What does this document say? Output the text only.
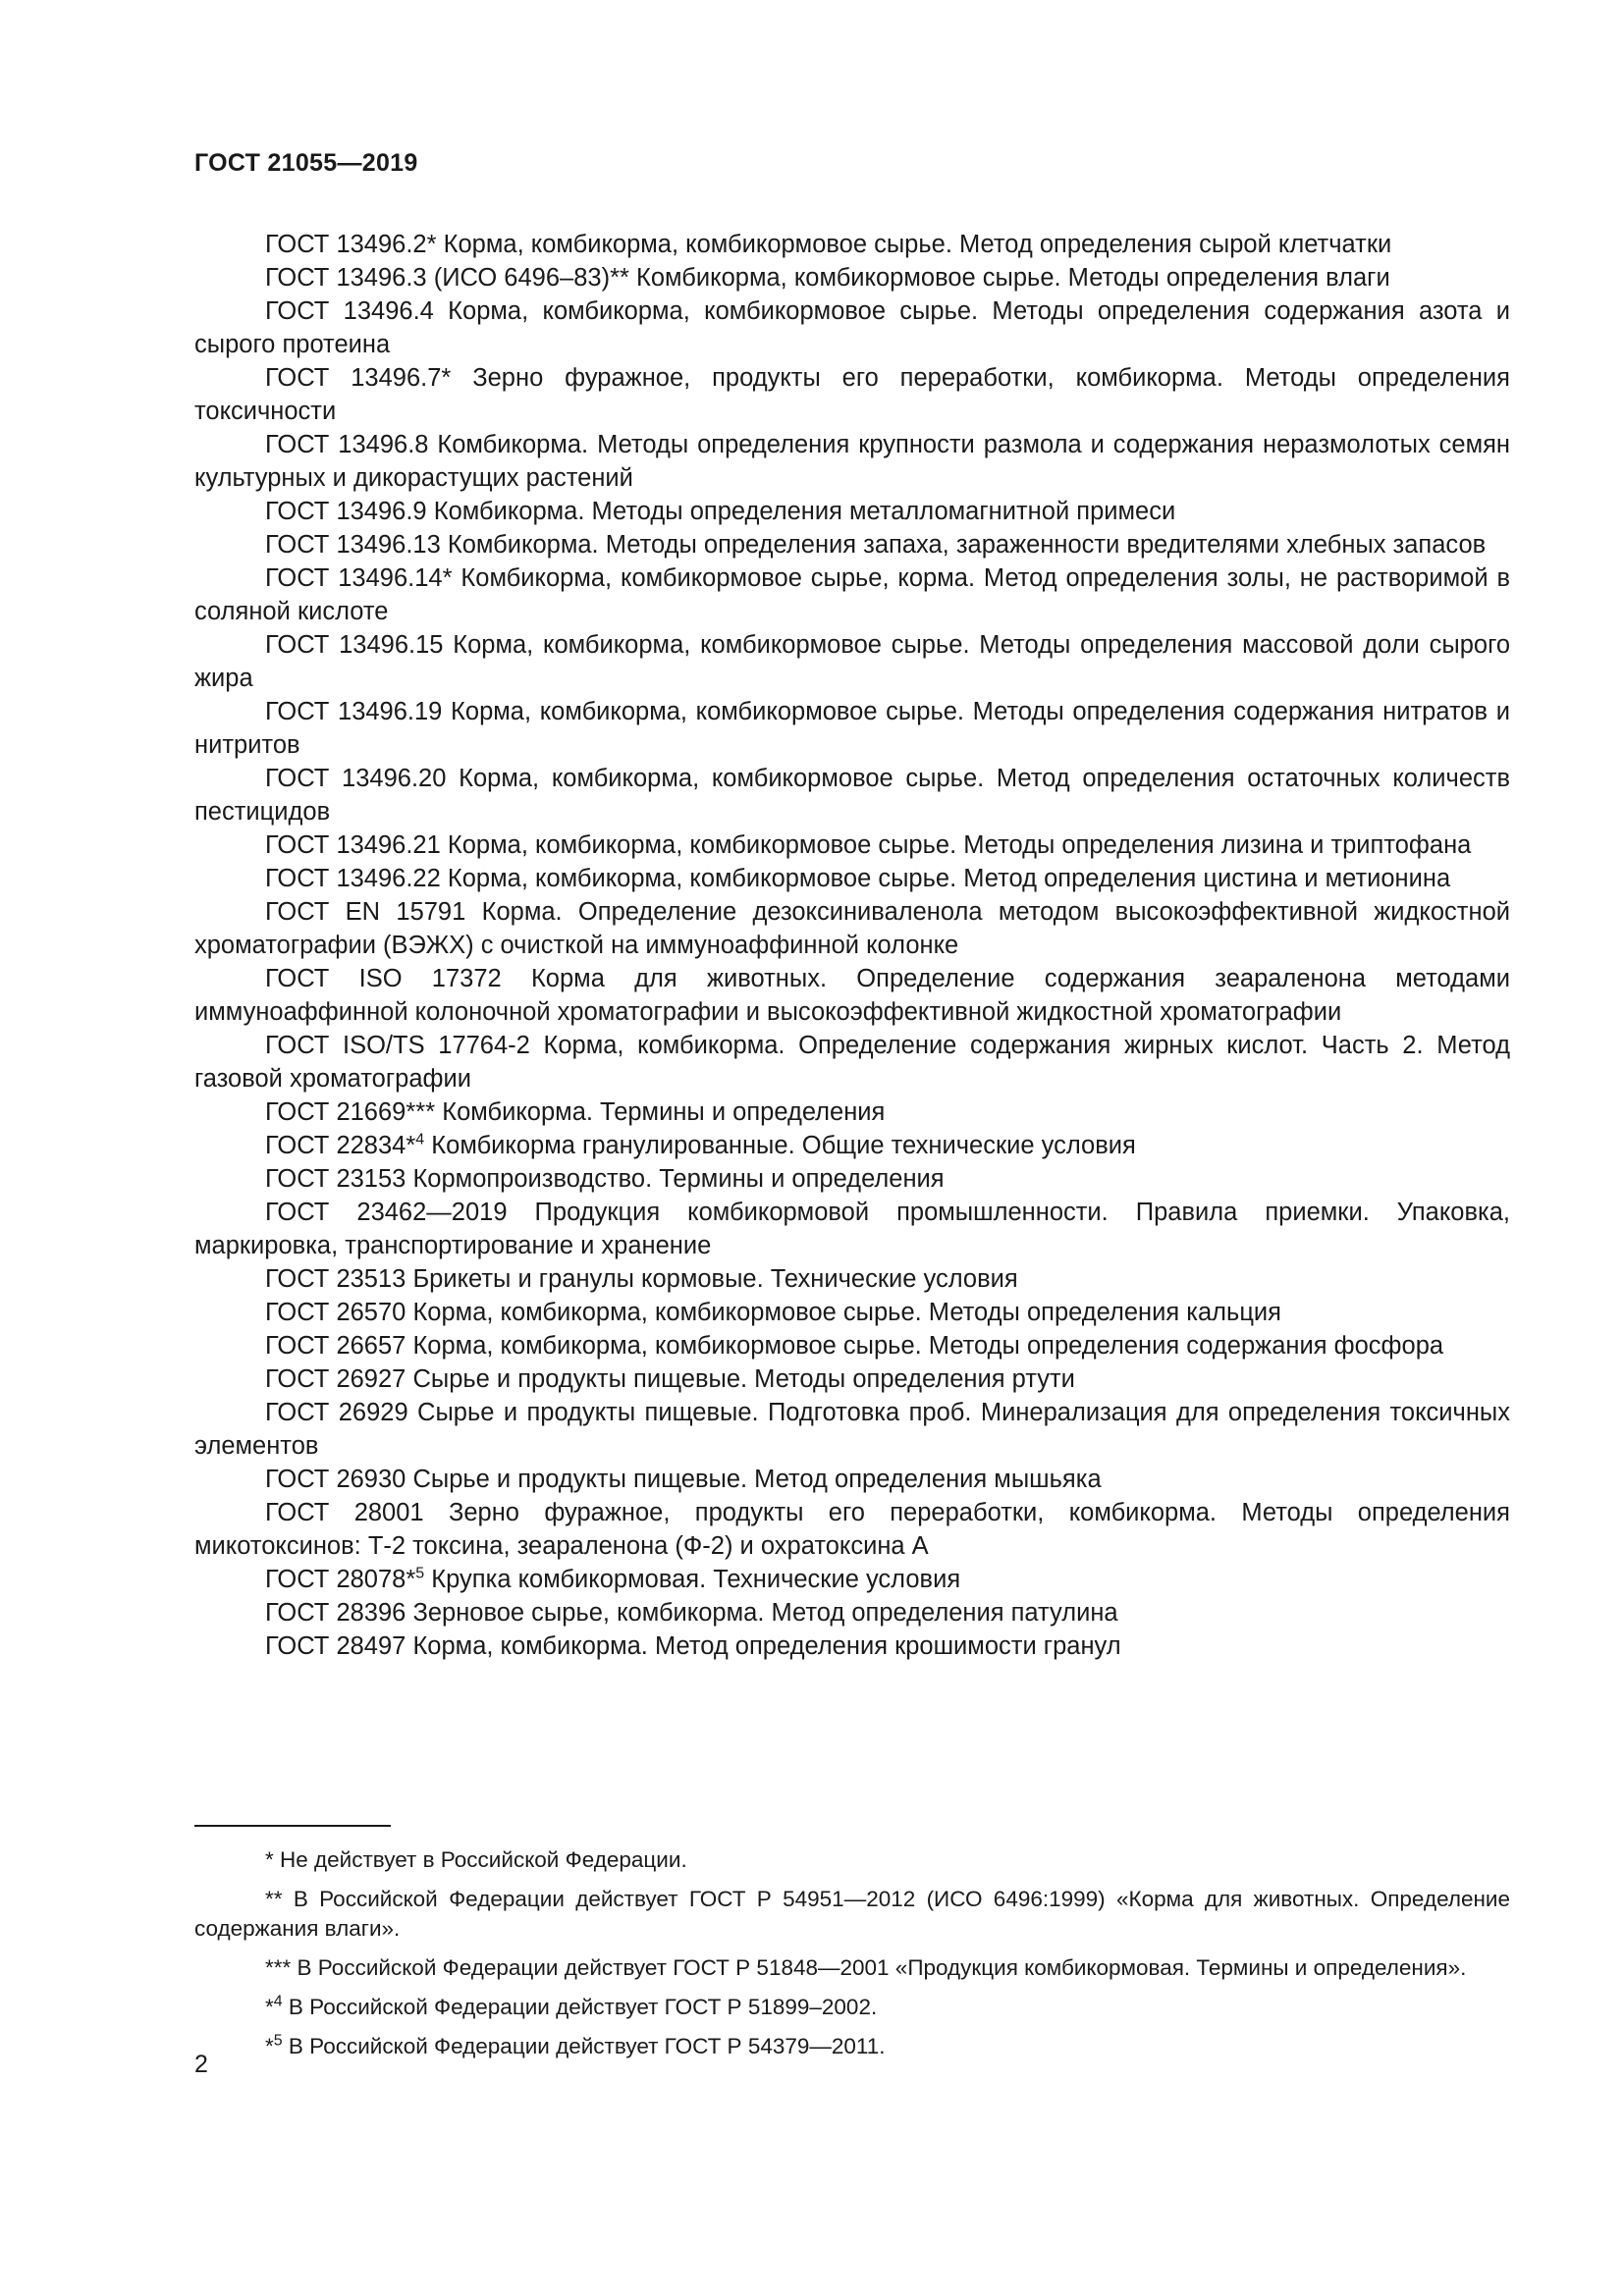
ГОСТ 21055—2019

ГОСТ 13496.2* Корма, комбикорма, комбикормовое сырье. Метод определения сырой клетчатки

ГОСТ 13496.3 (ИСО 6496–83)** Комбикорма, комбикормовое сырье. Методы определения влаги

ГОСТ 13496.4 Корма, комбикорма, комбикормовое сырье. Методы определения содержания азота и сырого протеина

ГОСТ 13496.7* Зерно фуражное, продукты его переработки, комбикорма. Методы определения токсичности

ГОСТ 13496.8 Комбикорма. Методы определения крупности размола и содержания неразмолотых семян культурных и дикорастущих растений

ГОСТ 13496.9 Комбикорма. Методы определения металломагнитной примеси

ГОСТ 13496.13 Комбикорма. Методы определения запаха, зараженности вредителями хлебных запасов

ГОСТ 13496.14* Комбикорма, комбикормовое сырье, корма. Метод определения золы, не растворимой в соляной кислоте

ГОСТ 13496.15 Корма, комбикорма, комбикормовое сырье. Методы определения массовой доли сырого жира

ГОСТ 13496.19 Корма, комбикорма, комбикормовое сырье. Методы определения содержания нитратов и нитритов

ГОСТ 13496.20 Корма, комбикорма, комбикормовое сырье. Метод определения остаточных количеств пестицидов

ГОСТ 13496.21 Корма, комбикорма, комбикормовое сырье. Методы определения лизина и триптофана

ГОСТ 13496.22 Корма, комбикорма, комбикормовое сырье. Метод определения цистина и метионина

ГОСТ EN 15791 Корма. Определение дезоксиниваленола методом высокоэффективной жидкостной хроматографии (ВЭЖХ) с очисткой на иммуноаффинной колонке

ГОСТ ISO 17372 Корма для животных. Определение содержания зеараленона методами иммуноаффинной колоночной хроматографии и высокоэффективной жидкостной хроматографии

ГОСТ ISO/TS 17764-2 Корма, комбикорма. Определение содержания жирных кислот. Часть 2. Метод газовой хроматографии

ГОСТ 21669*** Комбикорма. Термины и определения

ГОСТ 22834*$^4$ Комбикорма гранулированные. Общие технические условия

ГОСТ 23153 Кормопроизводство. Термины и определения

ГОСТ 23462—2019 Продукция комбикормовой промышленности. Правила приемки. Упаковка, маркировка, транспортирование и хранение

ГОСТ 23513 Брикеты и гранулы кормовые. Технические условия

ГОСТ 26570 Корма, комбикорма, комбикормовое сырье. Методы определения кальция

ГОСТ 26657 Корма, комбикорма, комбикормовое сырье. Методы определения содержания фосфора

ГОСТ 26927 Сырье и продукты пищевые. Методы определения ртути

ГОСТ 26929 Сырье и продукты пищевые. Подготовка проб. Минерализация для определения токсичных элементов

ГОСТ 26930 Сырье и продукты пищевые. Метод определения мышьяка

ГОСТ 28001 Зерно фуражное, продукты его переработки, комбикорма. Методы определения микотоксинов: Т-2 токсина, зеараленона (Ф-2) и охратоксина А

ГОСТ 28078*$^5$ Крупка комбикормовая. Технические условия

ГОСТ 28396 Зерновое сырье, комбикорма. Метод определения патулина

ГОСТ 28497 Корма, комбикорма. Метод определения крошимости гранул

* Не действует в Российской Федерации.

** В Российской Федерации действует ГОСТ Р 54951—2012 (ИСО 6496:1999) «Корма для животных. Определение содержания влаги».

*** В Российской Федерации действует ГОСТ Р 51848—2001 «Продукция комбикормовая. Термины и определения».

*$^4$ В Российской Федерации действует ГОСТ Р 51899–2002.

*$^5$ В Российской Федерации действует ГОСТ Р 54379—2011.

2
